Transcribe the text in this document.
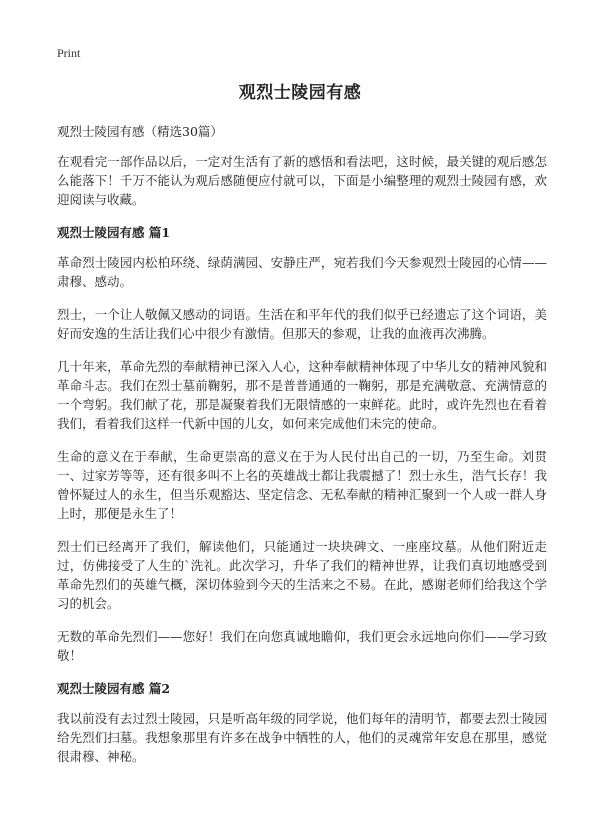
Print
观烈士陵园有感

观烈士陵园有感（精选30篇）

在观看完一部作品以后，一定对生活有了新的感悟和看法吧，这时候，最关键的观后感怎么能落下！千万不能认为观后感随便应付就可以，下面是小编整理的观烈士陵园有感，欢迎阅读与收藏。

观烈士陵园有感 篇1

革命烈士陵园内松柏环绕、绿荫满园、安静庄严，宛若我们今天参观烈士陵园的心情——肃穆、感动。

烈士，一个让人敬佩又感动的词语。生活在和平年代的我们似乎已经遗忘了这个词语，美好而安逸的生活让我们心中很少有激情。但那天的参观，让我的血液再次沸腾。

几十年来，革命先烈的奉献精神已深入人心，这种奉献精神体现了中华儿女的精神风貌和革命斗志。我们在烈士墓前鞠躬，那不是普普通通的一鞠躬，那是充满敬意、充满情意的一个弯躬。我们献了花，那是凝聚着我们无限情感的一束鲜花。此时，或许先烈也在看着我们，看着我们这样一代新中国的儿女，如何来完成他们未完的使命。

生命的意义在于奉献，生命更崇高的意义在于为人民付出自己的一切，乃至生命。刘贯一、过家芳等等，还有很多叫不上名的英雄战士都让我震撼了！烈士永生，浩气长存！我曾怀疑过人的永生，但当乐观豁达、坚定信念、无私奉献的精神汇聚到一个人或一群人身上时，那便是永生了！

烈士们已经离开了我们，解读他们，只能通过一块块碑文、一座座坟墓。从他们附近走过，仿佛接受了人生的`洗礼。此次学习，升华了我们的精神世界，让我们真切地感受到革命先烈们的英雄气概，深切体验到今天的生活来之不易。在此，感谢老师们给我这个学习的机会。

无数的革命先烈们——您好！我们在向您真诚地瞻仰，我们更会永远地向你们——学习致敬！

观烈士陵园有感 篇2

我以前没有去过烈士陵园，只是听高年级的同学说，他们每年的清明节，都要去烈士陵园给先烈们扫墓。我想象那里有许多在战争中牺牲的人，他们的灵魂常年安息在那里，感觉很肃穆、神秘。
